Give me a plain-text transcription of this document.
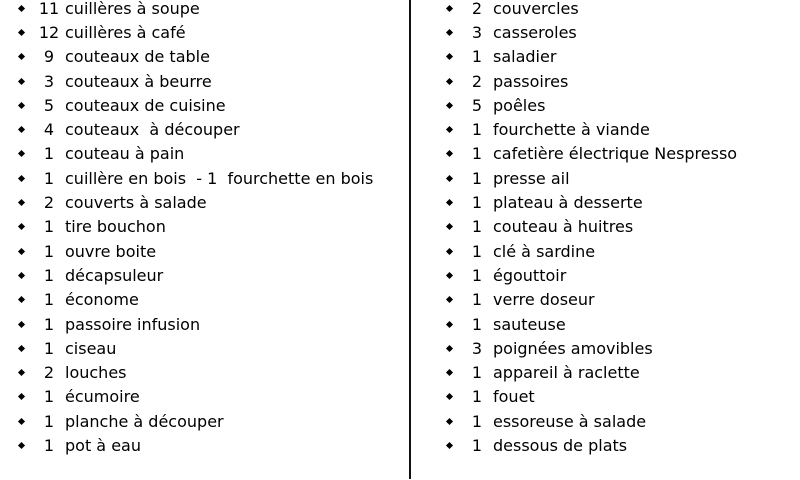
11 cuillères à soupe
12 cuillères à café
9 couteaux de table
3 couteaux à beurre
5 couteaux de cuisine
4 couteaux  à découper
1 couteau à pain
1 cuillère en bois  - 1  fourchette en bois
2 couverts à salade
1 tire bouchon
1 ouvre boite
1 décapsuleur
1 économe
1 passoire infusion
1 ciseau
2 louches
1 écumoire
1 planche à découper
1 pot à eau
2 couvercles
3 casseroles
1 saladier
2 passoires
5 poêles
1 fourchette à viande
1 cafetière électrique Nespresso
1 presse ail
1 plateau à desserte
1 couteau à huitres
1 clé à sardine
1 égouttoir
1 verre doseur
1 sauteuse
3 poignées amovibles
1 appareil à raclette
1 fouet
1 essoreuse à salade
1 dessous de plats
